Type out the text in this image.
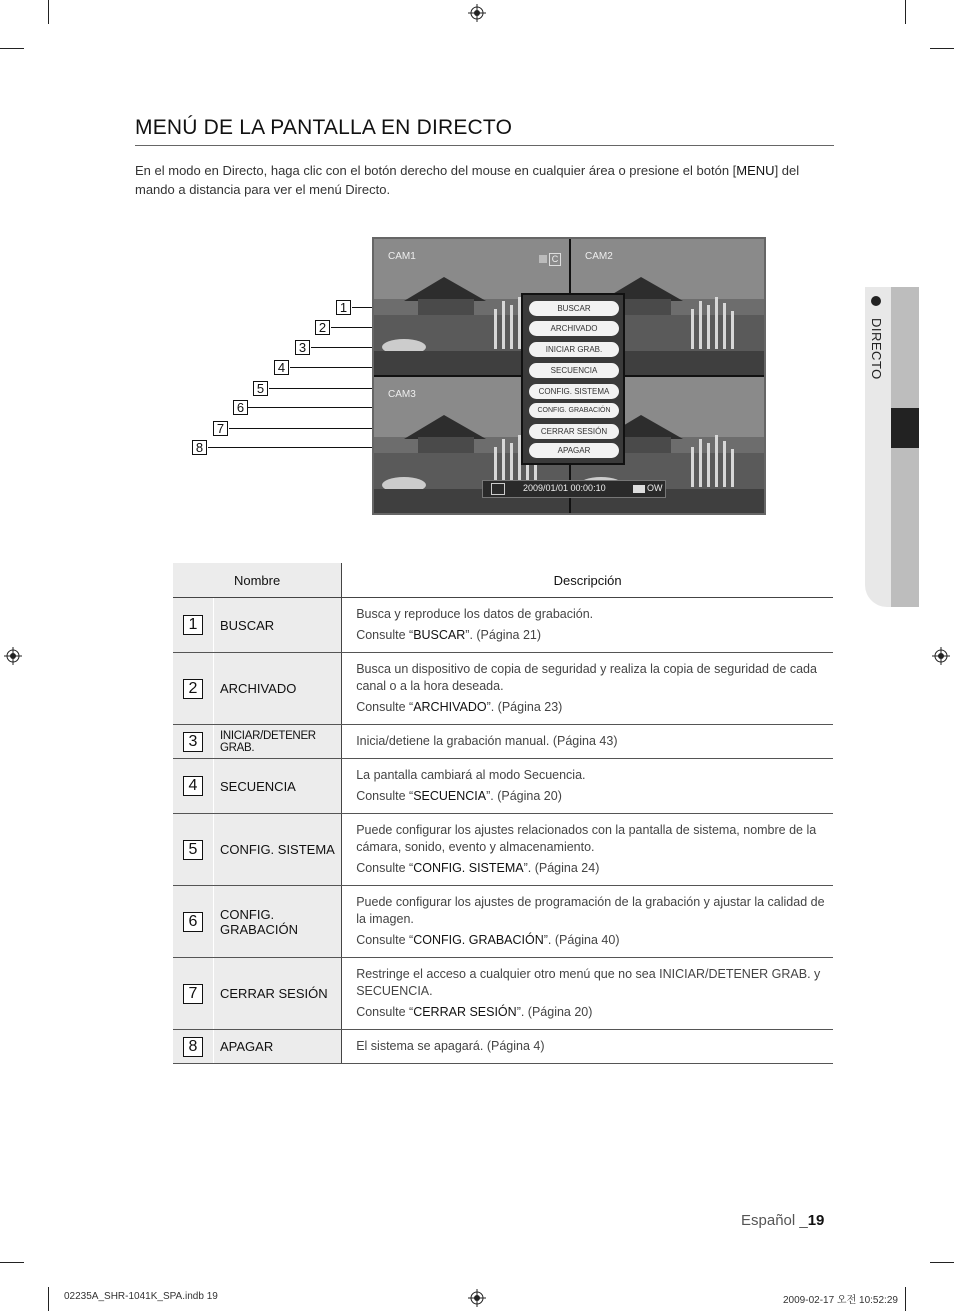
DIRECTO
MENÚ DE LA PANTALLA EN DIRECTO
En el modo en Directo, haga clic con el botón derecho del mouse en cualquier área o presione el botón [MENU] del mando a distancia para ver el menú Directo.
1
2
3
4
5
6
7
8
CAM1	C	CAM2
CAM3
BUSCAR
ARCHIVADO
INICIAR GRAB.
SECUENCIA
CONFIG. SISTEMA
CONFIG. GRABACIÓN
CERRAR SESIÓN
APAGAR
2009/01/01 00:00:10	OW
Nombre		Descripción
1	BUSCAR	Busca y reproduce los datos de grabación.
Consulte “BUSCAR”. (Página 21)

2	ARCHIVADO	Busca un dispositivo de copia de seguridad y realiza la copia de seguridad de cada canal o a la hora deseada.
Consulte “ARCHIVADO”. (Página 23)

3	INICIAR/DETENER GRAB.	Inicia/detiene la grabación manual. (Página 43)

4	SECUENCIA	La pantalla cambiará al modo Secuencia.
Consulte “SECUENCIA”. (Página 20)

5	CONFIG. SISTEMA	Puede configurar los ajustes relacionados con la pantalla de sistema, nombre de la cámara, sonido, evento y almacenamiento.
Consulte “CONFIG. SISTEMA”. (Página 24)

6	CONFIG. GRABACIÓN	Puede configurar los ajustes de programación de la grabación y ajustar la calidad de la imagen.
Consulte “CONFIG. GRABACIÓN”. (Página 40)

7	CERRAR SESIÓN	Restringe el acceso a cualquier otro menú que no sea INICIAR/DETENER GRAB. y SECUENCIA.
Consulte “CERRAR SESIÓN”. (Página 20)

8	APAGAR	El sistema se apagará. (Página 4)
Español _19
02235A_SHR-1041K_SPA.indb 19	2009-02-17 오전 10:52:29
